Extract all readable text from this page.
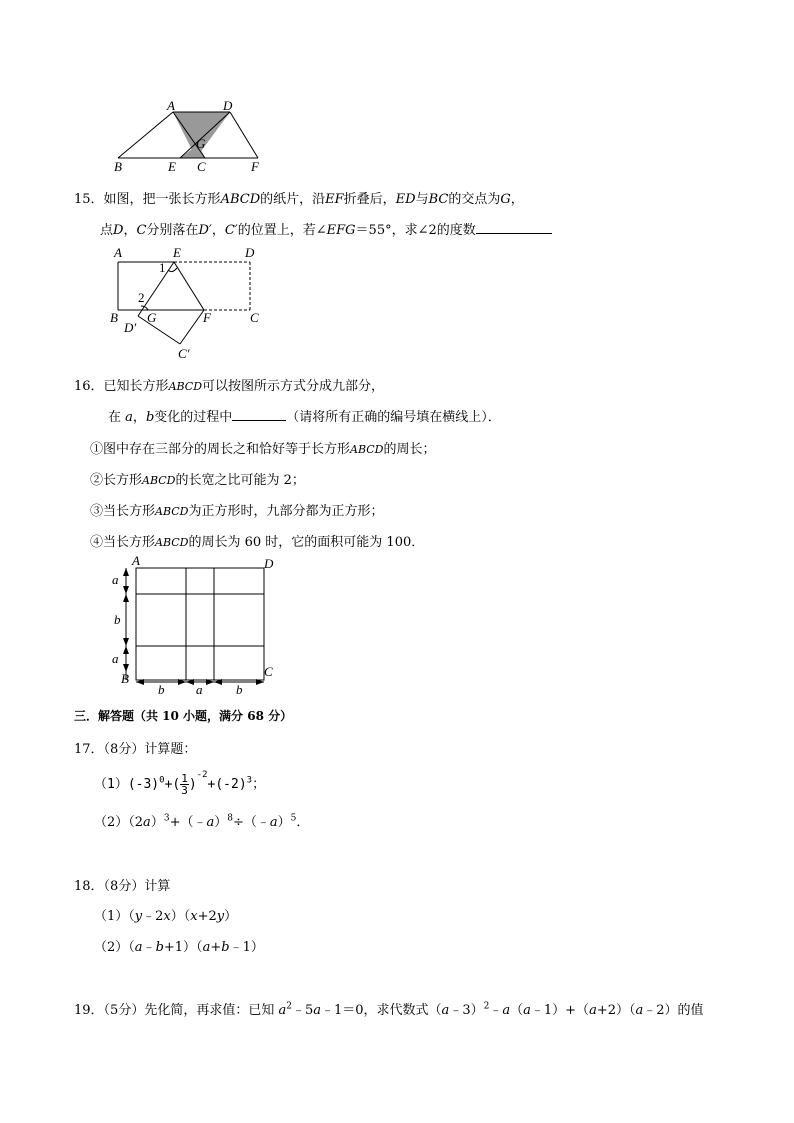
A	D
G
B	E C	F
15．如图，把一张长方形ABCD的纸片，沿EF折叠后，ED与BC的交点为G，
点D，C分别落在D′，C′的位置上，若∠EFG＝55°，求∠2的度数
A	E	D
1
2
B
D′
G	F	C
C′
16．已知长方形ABCD可以按图所示方式分成九部分，
在 a，b变化的过程中	（请将所有正确的编号填在横线上）．
①图中存在三部分的周长之和恰好等于长方形ABCD的周长；
②长方形ABCD的长宽之比可能为 2；
③当长方形ABCD为正方形时，九部分都为正方形；
④当长方形ABCD的周长为 60 时，它的面积可能为 100．
A	D
B	C
a
b
a
b a	b
三．解答题（共 10 小题，满分 68 分）
17．（8分）计算题：
$(1)(-3)^0+( \frac{1}{3} )^{-2}+(-2)^3$；
$(2)(2a)^3+(﹣a)^8\div(﹣a)^5$．
18．（8分）计算
（1）（y﹣2x）（x+2y）
（2）（a﹣b+1）（a+b﹣1）
19．（5分）先化简，再求值：已知 $a^2﹣5a﹣1=0$，求代数式（a﹣3）$^2$﹣a（a﹣1）+（a+2）（a﹣2）的值
